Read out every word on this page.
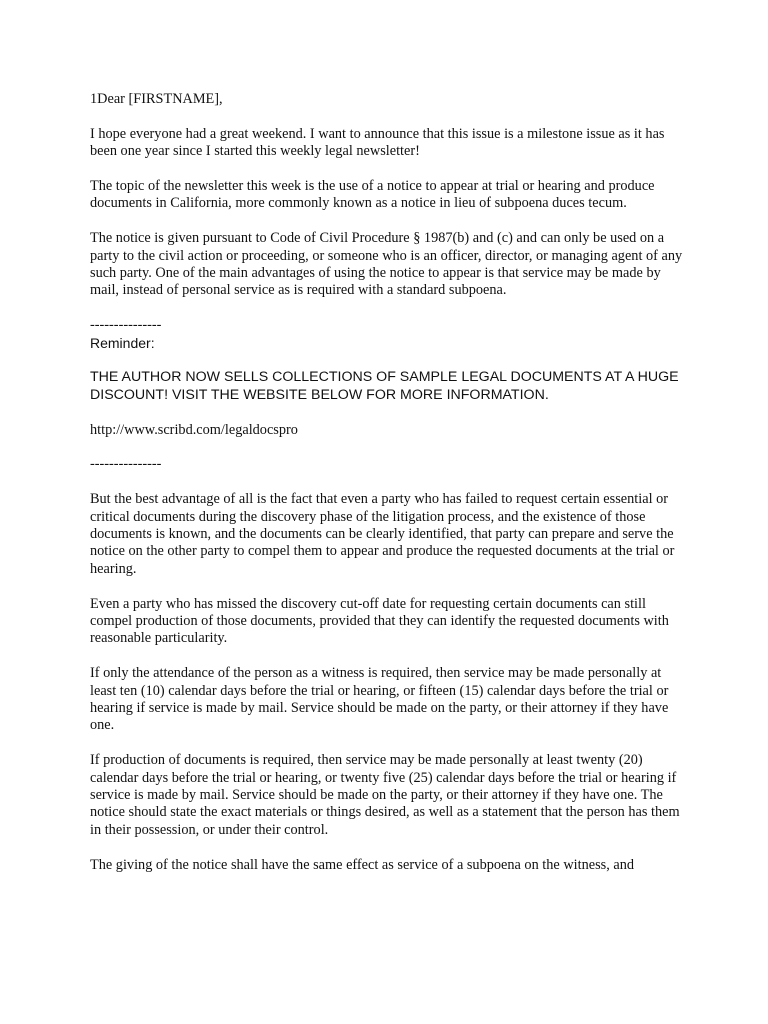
1Dear [FIRSTNAME],

I hope everyone had a great weekend. I want to announce that this issue is a milestone issue as it has been one year since I started this weekly legal newsletter!

The topic of the newsletter this week is the use of a notice to appear at trial or hearing and produce documents in California, more commonly known as a notice in lieu of subpoena duces tecum.

The notice is given pursuant to Code of Civil Procedure § 1987(b) and (c) and can only be used on a party to the civil action or proceeding, or someone who is an officer, director, or managing agent of any such party. One of the main advantages of using the notice to appear is that service may be made by mail, instead of personal service as is required with a standard subpoena.

---------------

Reminder:

THE AUTHOR NOW SELLS COLLECTIONS OF SAMPLE LEGAL DOCUMENTS AT A HUGE DISCOUNT! VISIT THE WEBSITE BELOW FOR MORE INFORMATION.

http://www.scribd.com/legaldocspro

---------------

But the best advantage of all is the fact that even a party who has failed to request certain essential or critical documents during the discovery phase of the litigation process, and the existence of those documents is known, and the documents can be clearly identified, that party can prepare and serve the notice on the other party to compel them to appear and produce the requested documents at the trial or hearing.

Even a party who has missed the discovery cut-off date for requesting certain documents can still compel production of those documents, provided that they can identify the requested documents with reasonable particularity.

If only the attendance of the person as a witness is required, then service may be made personally at least ten (10) calendar days before the trial or hearing, or fifteen (15) calendar days before the trial or hearing if service is made by mail. Service should be made on the party, or their attorney if they have one.

If production of documents is required, then service may be made personally at least twenty (20) calendar days before the trial or hearing, or twenty five (25) calendar days before the trial or hearing if service is made by mail. Service should be made on the party, or their attorney if they have one. The notice should state the exact materials or things desired, as well as a statement that the person has them in their possession, or under their control.

The giving of the notice shall have the same effect as service of a subpoena on the witness, and
